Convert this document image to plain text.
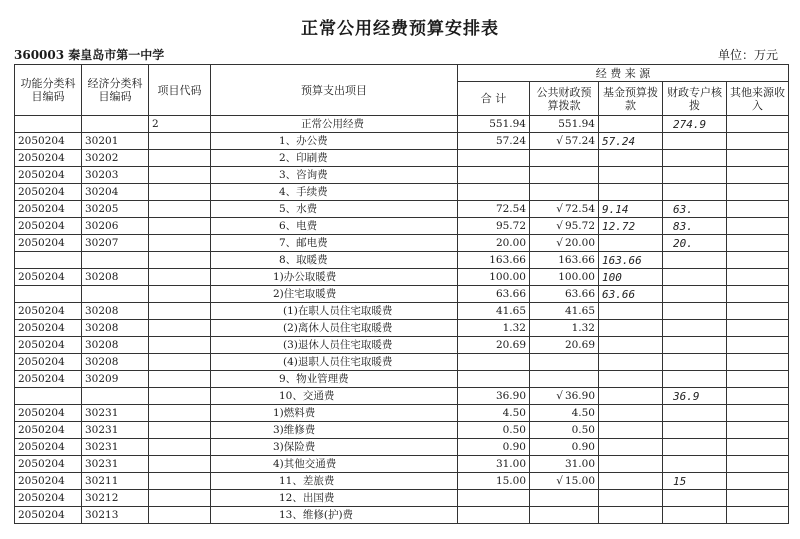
正常公用经费预算安排表
360003 秦皇岛市第一中学	单位：万元
功能分类科目编码	经济分类科目编码	项目代码	预算支出项目	经 费 来 源				
				合 计	公共财政预算拨款	基金预算拨款	财政专户核拨	其他来源收入
		2	正常公用经费	551.94	551.94		274.9	
2050204	30201		1、办公费	57.24	√ 57.24	57.24		
2050204	30202		2、印刷费					
2050204	30203		3、咨询费					
2050204	30204		4、手续费					
2050204	30205		5、水费	72.54	√ 72.54	9.14	63.	
2050204	30206		6、电费	95.72	√ 95.72	12.72	83.	
2050204	30207		7、邮电费	20.00	√ 20.00		20.	
			8、取暖费	163.66	163.66	163.66		
2050204	30208		1)办公取暖费	100.00	100.00	100		
			2)住宅取暖费	63.66	63.66	63.66		
2050204	30208		(1)在职人员住宅取暖费	41.65	41.65			
2050204	30208		(2)离休人员住宅取暖费	1.32	1.32			
2050204	30208		(3)退休人员住宅取暖费	20.69	20.69			
2050204	30208		(4)退职人员住宅取暖费					
2050204	30209		9、物业管理费					
			10、交通费	36.90	√ 36.90		36.9	
2050204	30231		1)燃料费	4.50	4.50			
2050204	30231		3)维修费	0.50	0.50			
2050204	30231		3)保险费	0.90	0.90			
2050204	30231		4)其他交通费	31.00	31.00			
2050204	30211		11、差旅费	15.00	√ 15.00		15	
2050204	30212		12、出国费					
2050204	30213		13、维修(护)费					
